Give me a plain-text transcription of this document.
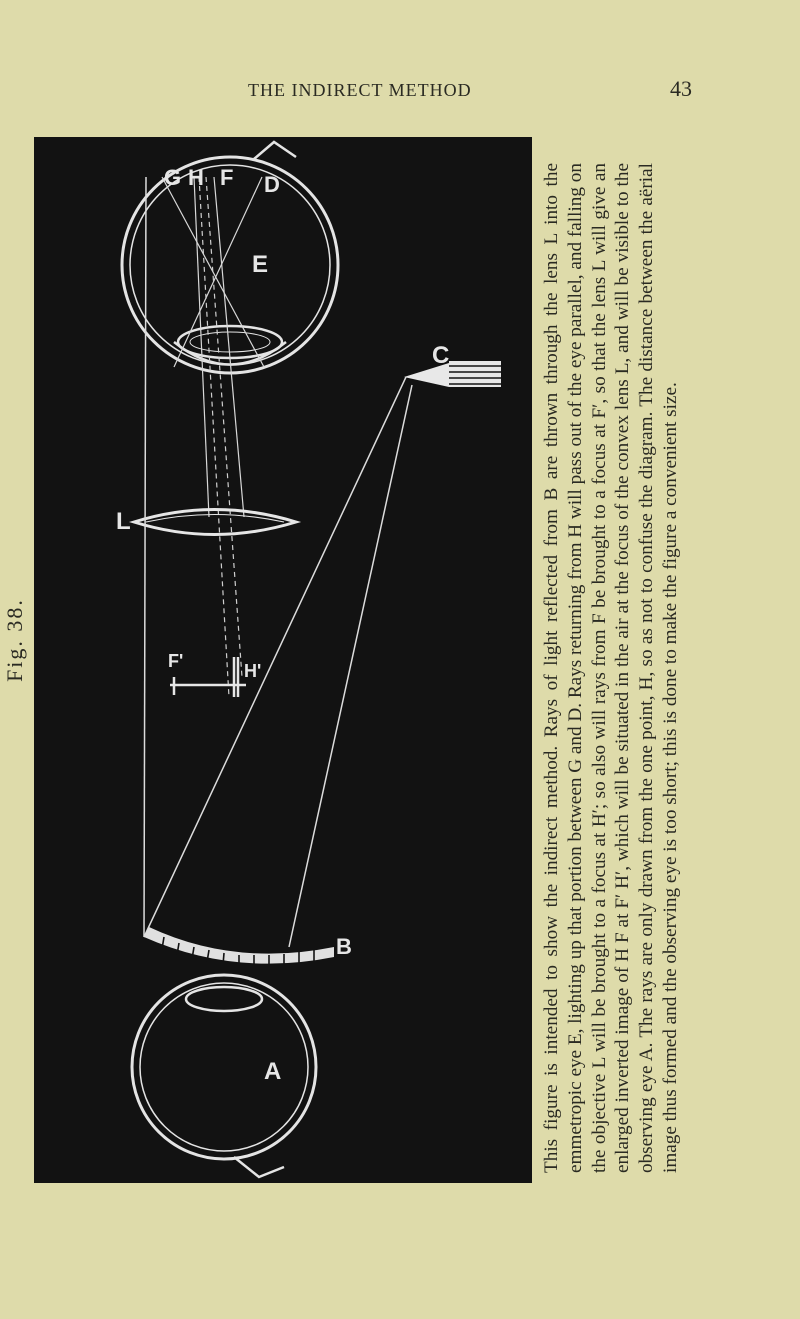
THE INDIRECT METHOD	43
Fig. 38.
G H F D
E
C
L
F'	H'
B
A	This figure is intended to show the indirect method. Rays of light reflected from B are thrown through the lens L into the emmetropic eye E, lighting up that portion between G and D. Rays returning from H will pass out of the eye parallel, and falling on the objective L will be brought to a focus at H′; so also will rays from F be brought to a focus at F′, so that the lens L will give an enlarged inverted image of H F at F′ H′, which will be situated in the air at the focus of the convex lens L, and will be visible to the observing eye A. The rays are only drawn from the one point, H, so as not to confuse the diagram. The distance between the aërial image thus formed and the observing eye is too short; this is done to make the figure a convenient size.
